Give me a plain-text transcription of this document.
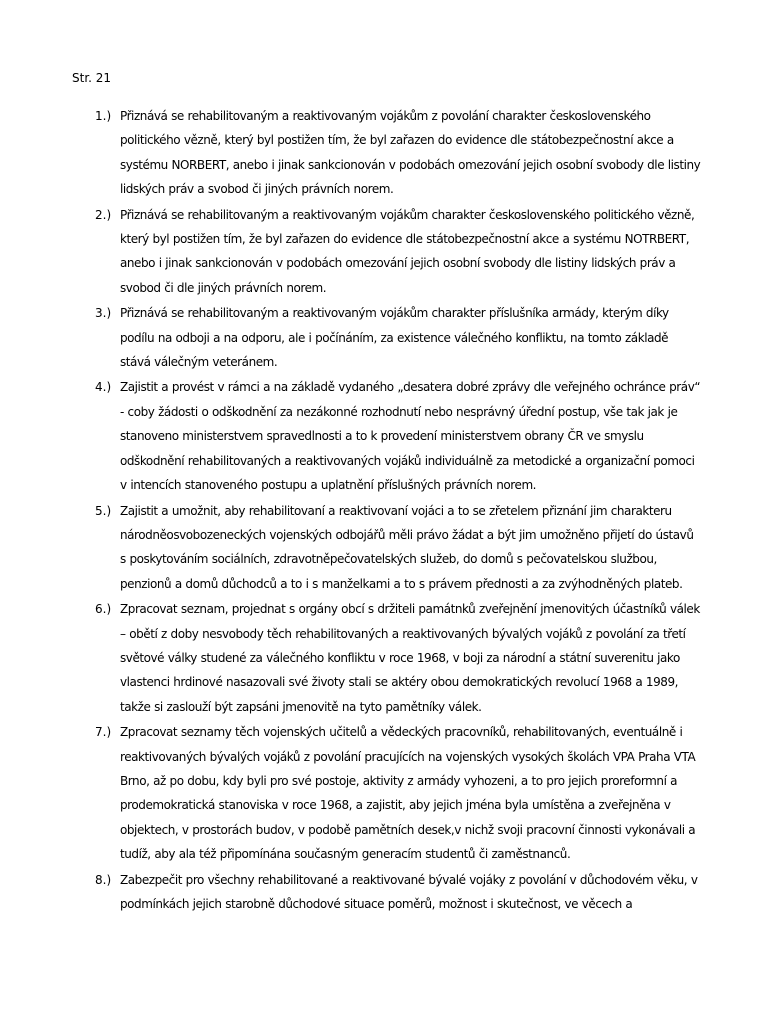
Str. 21
1.) Přiznává se rehabilitovaným a reaktivovaným vojákům z povolání charakter československého politického vězně, který byl postižen tím, že byl zařazen do evidence dle státobezpečnostní akce a systému NORBERT, anebo i jinak sankcionován v podobách omezování jejich osobní svobody dle listiny lidských práv a svobod či jiných právních norem.
2.) Přiznává se rehabilitovaným a reaktivovaným vojákům charakter československého politického vězně, který byl postižen tím, že byl zařazen do evidence dle státobezpečnostní akce a systému NOTRBERT, anebo i jinak sankcionován v podobách omezování jejich osobní svobody dle listiny lidských práv a svobod či dle jiných právních norem.
3.) Přiznává se rehabilitovaným a reaktivovaným vojákům charakter příslušníka armády, kterým díky podílu na odboji a na odporu, ale i počínáním, za existence válečného konfliktu, na tomto základě stává válečným veteránem.
4.) Zajistit a provést v rámci a na základě vydaného „desatera dobré zprávy dle veřejného ochránce práv“ - coby žádosti o odškodnění za nezákonné rozhodnutí nebo nesprávný úřední postup, vše tak jak je stanoveno ministerstvem spravedlnosti a to k provedení ministerstvem obrany ČR ve smyslu odškodnění rehabilitovaných a reaktivovaných vojáků individuálně za metodické a organizační pomoci v intencích stanoveného postupu a uplatnění příslušných právních norem.
5.) Zajistit a umožnit, aby rehabilitovaní a reaktivovaní vojáci a to se zřetelem přiznání jim charakteru národněosvobozeneckých vojenských odbojářů měli právo žádat a být jim umožněno přijetí do ústavů s poskytováním sociálních, zdravotněpečovatelských služeb, do domů s pečovatelskou službou, penzionů a domů důchodců a to i s manželkami a to s právem přednosti a za zvýhodněných plateb.
6.) Zpracovat seznam, projednat s orgány obcí s držiteli památnků zveřejnění jmenovitých účastníků válek – obětí z doby nesvobody těch rehabilitovaných a reaktivovaných bývalých vojáků z povolání za třetí světové války studené za válečného konfliktu v roce 1968, v boji za národní a státní suverenitu jako vlastenci hrdinové nasazovali své životy stali se aktéry obou demokratických revolucí 1968 a 1989, takže si zaslouží být zapsáni jmenovitě na tyto pamětníky válek.
7.) Zpracovat seznamy těch vojenských učitelů a vědeckých pracovníků, rehabilitovaných, eventuálně i reaktivovaných bývalých vojáků z povolání pracujících na vojenských vysokých školách VPA Praha VTA Brno, až po dobu, kdy byli pro své postoje, aktivity z armády vyhozeni, a to pro jejich proreformní a prodemokratická stanoviska v roce 1968, a zajistit, aby jejich jména byla umístěna a zveřejněna v objektech, v prostorách budov, v podobě pamětních desek,v nichž svoji pracovní činnosti vykonávali a tudíž, aby ala též připomínána současným generacím studentů či zaměstnanců.
8.) Zabezpečit pro všechny rehabilitované a reaktivované bývalé vojáky z povolání v důchodovém věku, v podmínkách jejich starobně důchodové situace poměrů, možnost i skutečnost, ve věcech a
